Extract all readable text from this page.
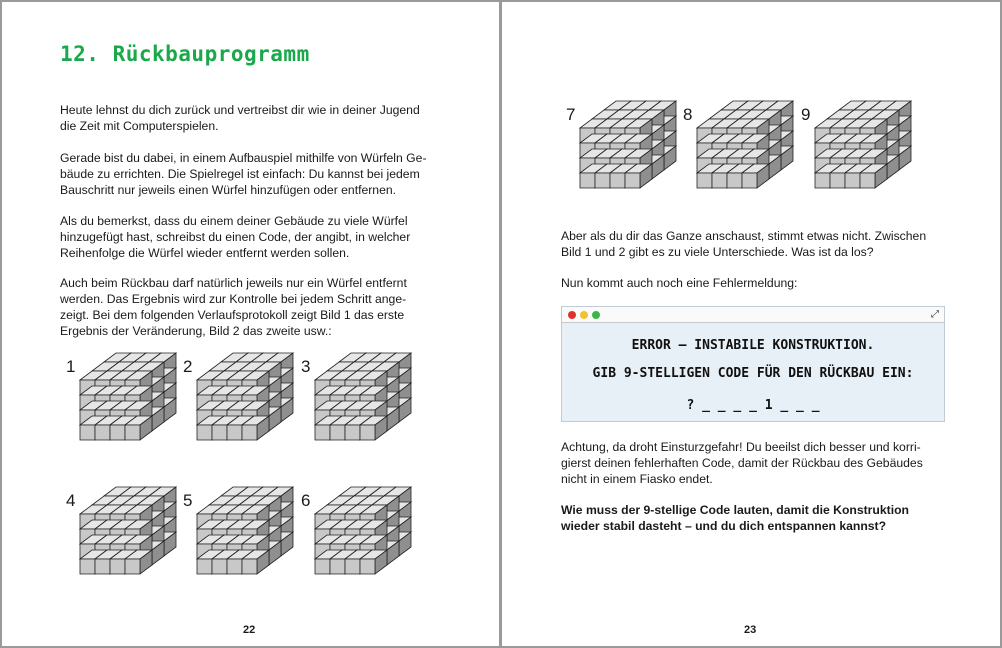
12. Rückbauprogramm

Heute lehnst du dich zurück und vertreibst dir wie in deiner Jugend
die Zeit mit Computerspielen.

Gerade bist du dabei, in einem Aufbauspiel mithilfe von Würfeln Ge-
bäude zu errichten. Die Spielregel ist einfach: Du kannst bei jedem
Bauschritt nur jeweils einen Würfel hinzufügen oder entfernen.

Als du bemerkst, dass du einem deiner Gebäude zu viele Würfel
hinzugefügt hast, schreibst du einen Code, der angibt, in welcher
Reihenfolge die Würfel wieder entfernt werden sollen.

Auch beim Rückbau darf natürlich jeweils nur ein Würfel entfernt
werden. Das Ergebnis wird zur Kontrolle bei jedem Schritt ange-
zeigt. Bei dem folgenden Verlaufsprotokoll zeigt Bild 1 das erste
Ergebnis der Veränderung, Bild 2 das zweite usw.:

1	2	3
4	5	6
22
7	8	9

Aber als du dir das Ganze anschaust, stimmt etwas nicht. Zwischen
Bild 1 und 2 gibt es zu viele Unterschiede. Was ist da los?

Nun kommt auch noch eine Fehlermeldung:

⤢
ERROR – INSTABILE KONSTRUKTION.
GIB 9-STELLIGEN CODE FÜR DEN RÜCKBAU EIN:
? _ _ _ _ 1 _ _ _

Achtung, da droht Einsturzgefahr! Du beeilst dich besser und korri-
gierst deinen fehlerhaften Code, damit der Rückbau des Gebäudes
nicht in einem Fiasko endet.

Wie muss der 9-stellige Code lauten, damit die Konstruktion
wieder stabil dasteht – und du dich entspannen kannst?

23
